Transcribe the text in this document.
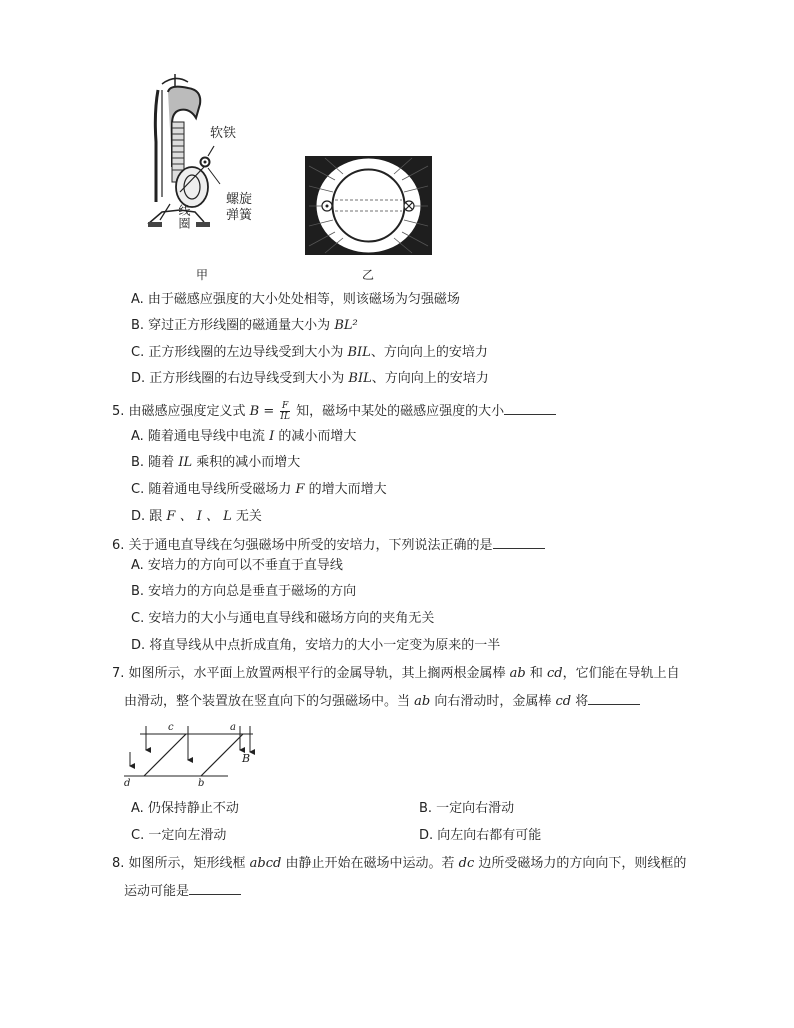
软铁
螺旋
弹簧
线圈
甲	乙
A. 由于磁感应强度的大小处处相等，则该磁场为匀强磁场
B. 穿过正方形线圈的磁通量大小为 BL²
C. 正方形线圈的左边导线受到大小为 BIL、方向向上的安培力
D. 正方形线圈的右边导线受到大小为 BIL、方向向上的安培力
5. 由磁感应强度定义式 $B = \frac{F}{IL}$ 知，磁场中某处的磁感应强度的大小
A. 随着通电导线中电流 I 的减小而增大
B. 随着 IL 乘积的减小而增大
C. 随着通电导线所受磁场力 F 的增大而增大
D. 跟 F 、 I 、 L 无关
6. 关于通电直导线在匀强磁场中所受的安培力，下列说法正确的是
A. 安培力的方向可以不垂直于直导线
B. 安培力的方向总是垂直于磁场的方向
C. 安培力的大小与通电直导线和磁场方向的夹角无关
D. 将直导线从中点折成直角，安培力的大小一定变为原来的一半
7. 如图所示，水平面上放置两根平行的金属导轨，其上搁两根金属棒 ab 和 cd，它们能在导轨上自
由滑动，整个装置放在竖直向下的匀强磁场中。当 ab 向右滑动时，金属棒 cd 将
c	a
d	b
B
A. 仍保持静止不动	B. 一定向右滑动
C. 一定向左滑动	D. 向左向右都有可能
8. 如图所示，矩形线框 abcd 由静止开始在磁场中运动。若 dc 边所受磁场力的方向向下，则线框的
运动可能是
